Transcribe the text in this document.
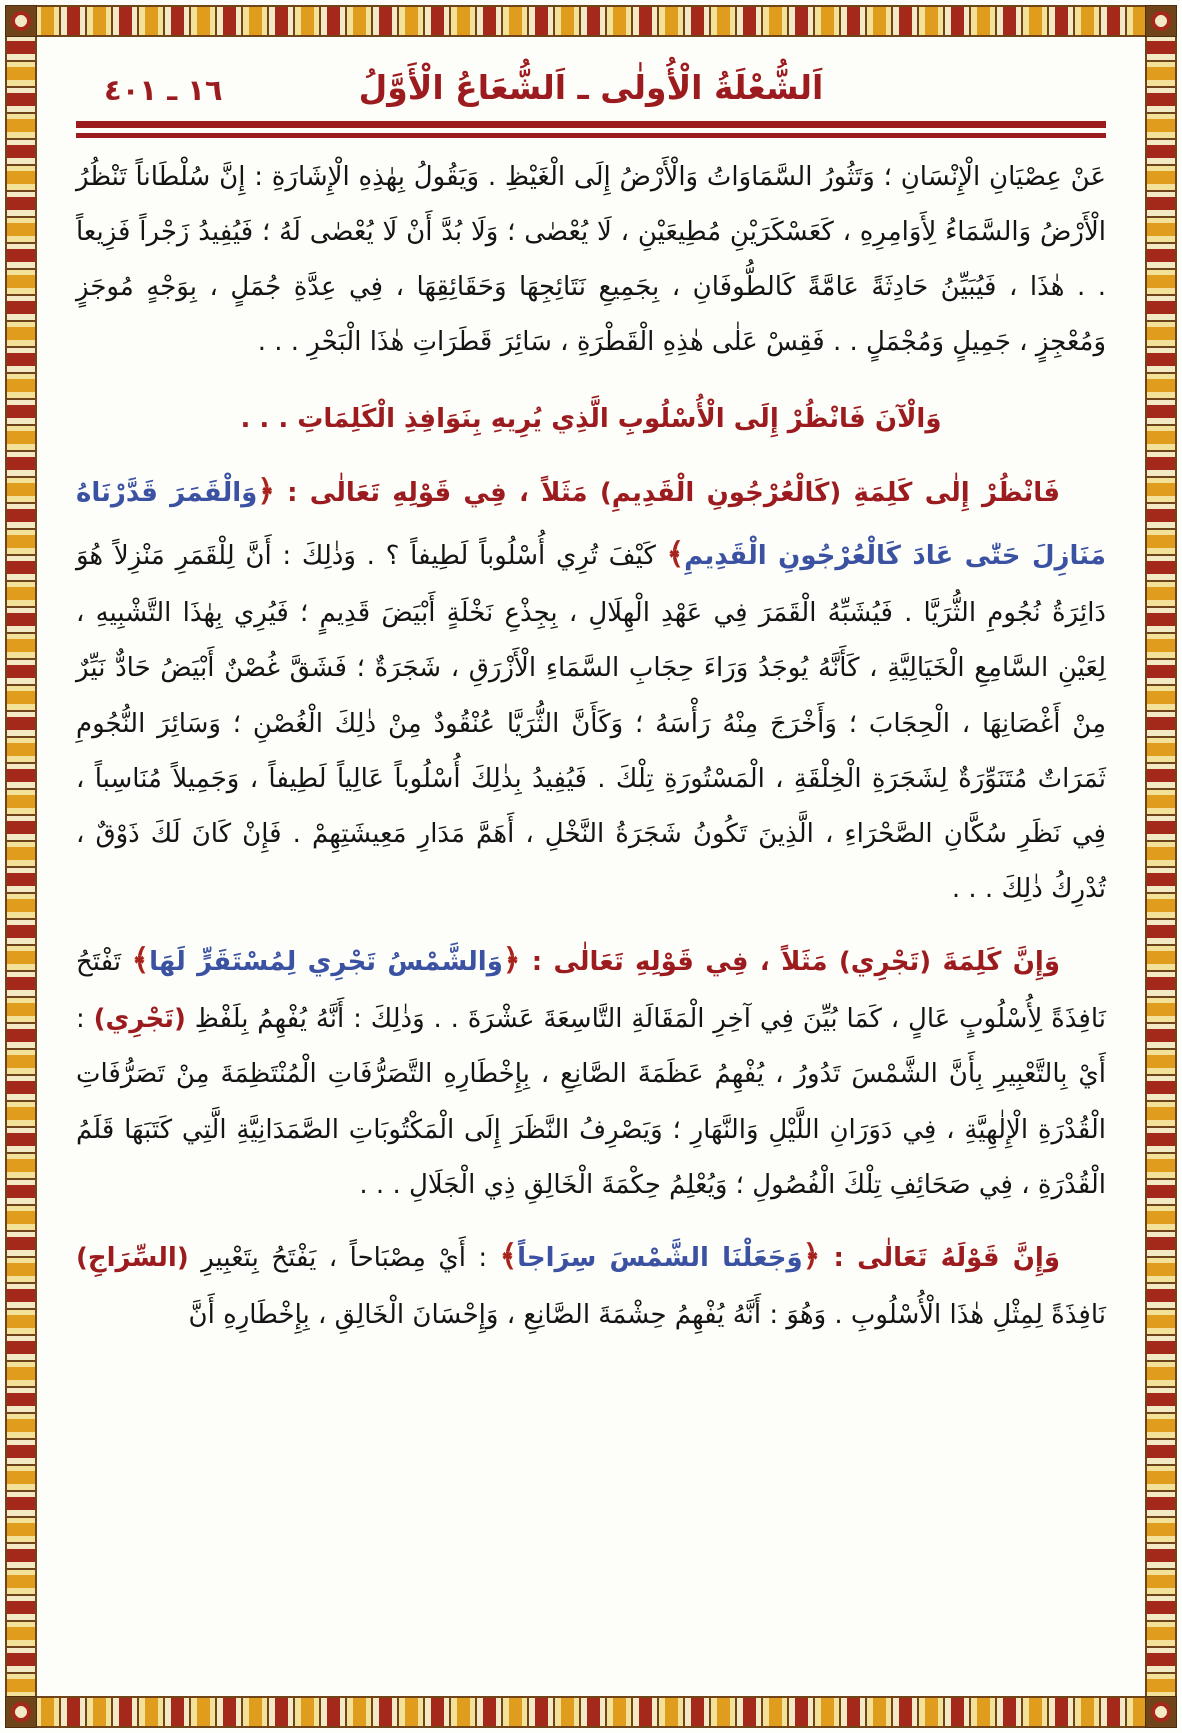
١٦ ـ ٤٠١	اَلشُّعْلَةُ الْأُولٰى ـ اَلشُّعَاعُ الْأَوَّلُ

عَنْ عِصْيَانِ الْإِنْسَانِ ؛ وَتَثُورُ السَّمَاوَاتُ وَالْأَرْضُ إِلَى الْغَيْظِ . وَيَقُولُ بِهٰذِهِ الْإِشَارَةِ : إِنَّ سُلْطَاناً تَنْظُرُ الْأَرْضُ وَالسَّمَاءُ لِأَوَامِرِهِ ، كَعَسْكَرَيْنِ مُطِيعَيْنِ ، لَا يُعْصٰى ؛ وَلَا بُدَّ أَنْ لَا يُعْصٰى لَهُ ؛ فَيُفِيدُ زَجْراً فَزِيعاً . . هٰذَا ، فَيُبَيِّنُ حَادِثَةً عَامَّةً كَالطُّوفَانِ ، بِجَمِيعِ نَتَائِجِهَا وَحَقَائِقِهَا ، فِي عِدَّةِ جُمَلٍ ، بِوَجْهٍ مُوجَزٍ وَمُعْجِزٍ ، جَمِيلٍ وَمُجْمَلٍ . . فَقِسْ عَلٰى هٰذِهِ الْقَطْرَةِ ، سَائِرَ قَطَرَاتِ هٰذَا الْبَحْرِ . . .

وَالْآنَ فَانْظُرْ إِلَى الْأُسْلُوبِ الَّذِي يُرِيهِ بِنَوَافِذِ الْكَلِمَاتِ . . .

فَانْظُرْ إِلٰى كَلِمَةِ (كَالْعُرْجُونِ الْقَدِيمِ) مَثَلاً ، فِي قَوْلِهِ تَعَالٰى : ﴿وَالْقَمَرَ قَدَّرْنَاهُ مَنَازِلَ حَتّٰى عَادَ كَالْعُرْجُونِ الْقَدِيمِ﴾ كَيْفَ تُرِي أُسْلُوباً لَطِيفاً ؟ . وَذٰلِكَ : أَنَّ لِلْقَمَرِ مَنْزِلاً هُوَ دَائِرَةُ نُجُومِ الثُّرَيَّا . فَيُشَبِّهُ الْقَمَرَ فِي عَهْدِ الْهِلَالِ ، بِجِذْعِ نَخْلَةٍ أَبْيَضَ قَدِيمٍ ؛ فَيُرِي بِهٰذَا التَّشْبِيهِ ، لِعَيْنِ السَّامِعِ الْخَيَالِيَّةِ ، كَأَنَّهُ يُوجَدُ وَرَاءَ حِجَابِ السَّمَاءِ الْأَزْرَقِ ، شَجَرَةٌ ؛ فَشَقَّ غُصْنٌ أَبْيَضُ حَادٌّ نَيِّرٌ مِنْ أَغْصَانِهَا ، الْحِجَابَ ؛ وَأَخْرَجَ مِنْهُ رَأْسَهُ ؛ وَكَأَنَّ الثُّرَيَّا عُنْقُودٌ مِنْ ذٰلِكَ الْغُصْنِ ؛ وَسَائِرَ النُّجُومِ ثَمَرَاتٌ مُتَنَوِّرَةٌ لِشَجَرَةِ الْخِلْقَةِ ، الْمَسْتُورَةِ تِلْكَ . فَيُفِيدُ بِذٰلِكَ أُسْلُوباً عَالِياً لَطِيفاً ، وَجَمِيلاً مُنَاسِباً ، فِي نَظَرِ سُكَّانِ الصَّحْرَاءِ ، الَّذِينَ تَكُونُ شَجَرَةُ النَّخْلِ ، أَهَمَّ مَدَارِ مَعِيشَتِهِمْ . فَإِنْ كَانَ لَكَ ذَوْقٌ ، تُدْرِكُ ذٰلِكَ . . .

وَإِنَّ كَلِمَةَ (تَجْرِي) مَثَلاً ، فِي قَوْلِهِ تَعَالٰى : ﴿وَالشَّمْسُ تَجْرِي لِمُسْتَقَرٍّ لَهَا﴾ تَفْتَحُ نَافِذَةً لِأُسْلُوبٍ عَالٍ ، كَمَا بُيِّنَ فِي آخِرِ الْمَقَالَةِ التَّاسِعَةَ عَشْرَةَ . . وَذٰلِكَ : أَنَّهُ يُفْهِمُ بِلَفْظِ (تَجْرِي) : أَيْ بِالتَّعْبِيرِ بِأَنَّ الشَّمْسَ تَدُورُ ، يُفْهِمُ عَظَمَةَ الصَّانِعِ ، بِإِخْطَارِهِ التَّصَرُّفَاتِ الْمُنْتَظِمَةَ مِنْ تَصَرُّفَاتِ الْقُدْرَةِ الْإِلٰهِيَّةِ ، فِي دَوَرَانِ اللَّيْلِ وَالنَّهَارِ ؛ وَيَصْرِفُ النَّظَرَ إِلَى الْمَكْتُوبَاتِ الصَّمَدَانِيَّةِ الَّتِي كَتَبَهَا قَلَمُ الْقُدْرَةِ ، فِي صَحَائِفِ تِلْكَ الْفُصُولِ ؛ وَيُعْلِمُ حِكْمَةَ الْخَالِقِ ذِي الْجَلَالِ . . .

وَإِنَّ قَوْلَهُ تَعَالٰى : ﴿وَجَعَلْنَا الشَّمْسَ سِرَاجاً﴾ : أَيْ مِصْبَاحاً ، يَفْتَحُ بِتَعْبِيرِ (السِّرَاجِ) نَافِذَةً لِمِثْلِ هٰذَا الْأُسْلُوبِ . وَهُوَ : أَنَّهُ يُفْهِمُ حِشْمَةَ الصَّانِعِ ، وَإِحْسَانَ الْخَالِقِ ، بِإِخْطَارِهِ أَنَّ
